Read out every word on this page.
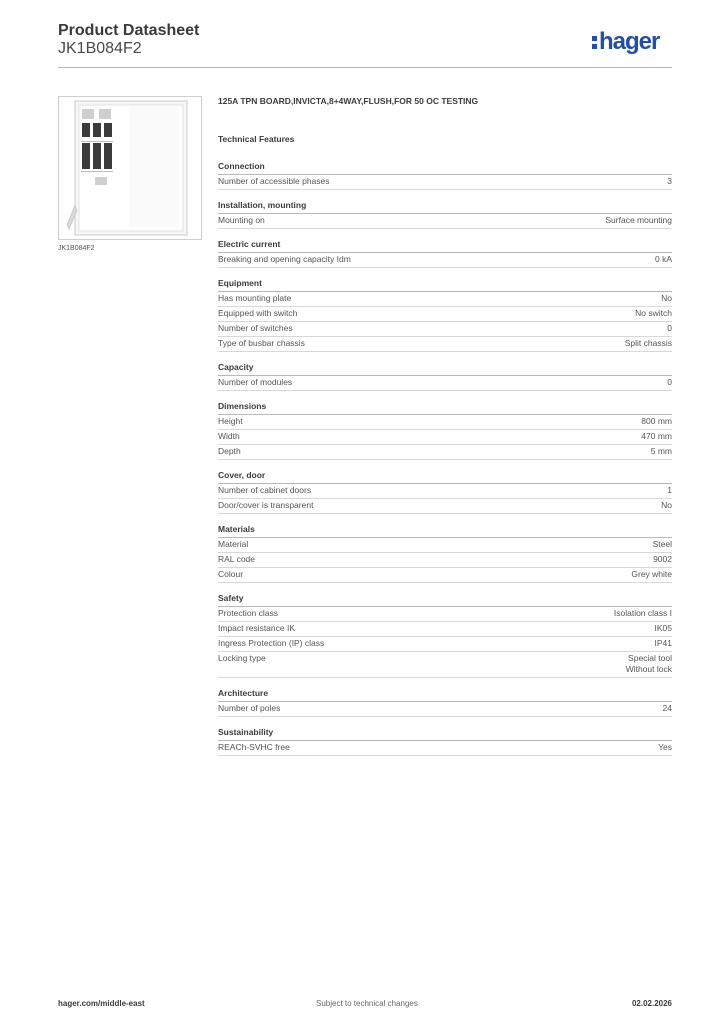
Product Datasheet
JK1B084F2	hager
JK1B084F2
125A TPN BOARD,INVICTA,8+4WAY,FLUSH,FOR 50 OC TESTING
Technical Features
Connection
Number of accessible phases	3
Installation, mounting
Mounting on	Surface mounting
Electric current
Breaking and opening capacity Idm	0 kA
Equipment
Has mounting plate	No
Equipped with switch	No switch
Number of switches	0
Type of busbar chassis	Split chassis
Capacity
Number of modules	0
Dimensions
Height	800 mm
Width	470 mm
Depth	5 mm
Cover, door
Number of cabinet doors	1
Door/cover is transparent	No
Materials
Material	Steel
RAL code	9002
Colour	Grey white
Safety
Protection class	Isolation class I
Impact resistance IK	IK05
Ingress Protection (IP) class	IP41
Locking type	Special tool
Without lock
Architecture
Number of poles	24
Sustainability
REACh-SVHC free	Yes
hager.com/middle-east	Subject to technical changes	02.02.2026
